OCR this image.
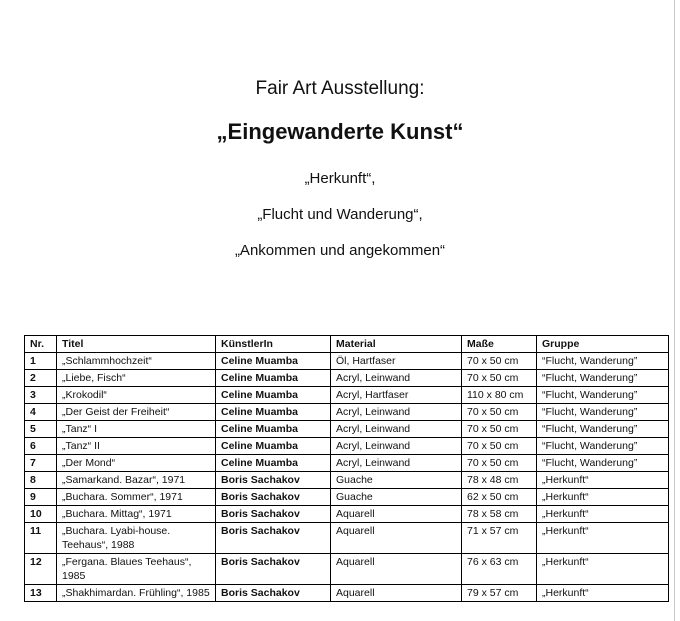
Fair Art Ausstellung:
„Eingewanderte Kunst“
„Herkunft“,
„Flucht und Wanderung“,
„Ankommen und angekommen“
Nr.	Titel	KünstlerIn	Material	Maße	Gruppe
1	„Schlammhochzeit“	Celine Muamba	Öl, Hartfaser	70 x 50 cm	“Flucht, Wanderung”
2	„Liebe, Fisch“	Celine Muamba	Acryl, Leinwand	70 x 50 cm	“Flucht, Wanderung”
3	„Krokodil“	Celine Muamba	Acryl, Hartfaser	110 x 80 cm	“Flucht, Wanderung”
4	„Der Geist der Freiheit“	Celine Muamba	Acryl, Leinwand	70 x 50 cm	“Flucht, Wanderung”
5	„Tanz“ I	Celine Muamba	Acryl, Leinwand	70 x 50 cm	“Flucht, Wanderung”
6	„Tanz“ II	Celine Muamba	Acryl, Leinwand	70 x 50 cm	“Flucht, Wanderung”
7	„Der Mond“	Celine Muamba	Acryl, Leinwand	70 x 50 cm	“Flucht, Wanderung”
8	„Samarkand. Bazar“, 1971	Boris Sachakov	Guache	78 x 48 cm	„Herkunft“
9	„Buchara. Sommer“, 1971	Boris Sachakov	Guache	62 x 50 cm	„Herkunft“
10	„Buchara. Mittag“, 1971	Boris Sachakov	Aquarell	78 x 58 cm	„Herkunft“
11	„Buchara. Lyabi-house. Teehaus“, 1988	Boris Sachakov	Aquarell	71 x 57 cm	„Herkunft“
12	„Fergana. Blaues Teehaus“, 1985	Boris Sachakov	Aquarell	76 x 63 cm	„Herkunft“
13	„Shakhimardan. Frühling“, 1985	Boris Sachakov	Aquarell	79 x 57 cm	„Herkunft“
